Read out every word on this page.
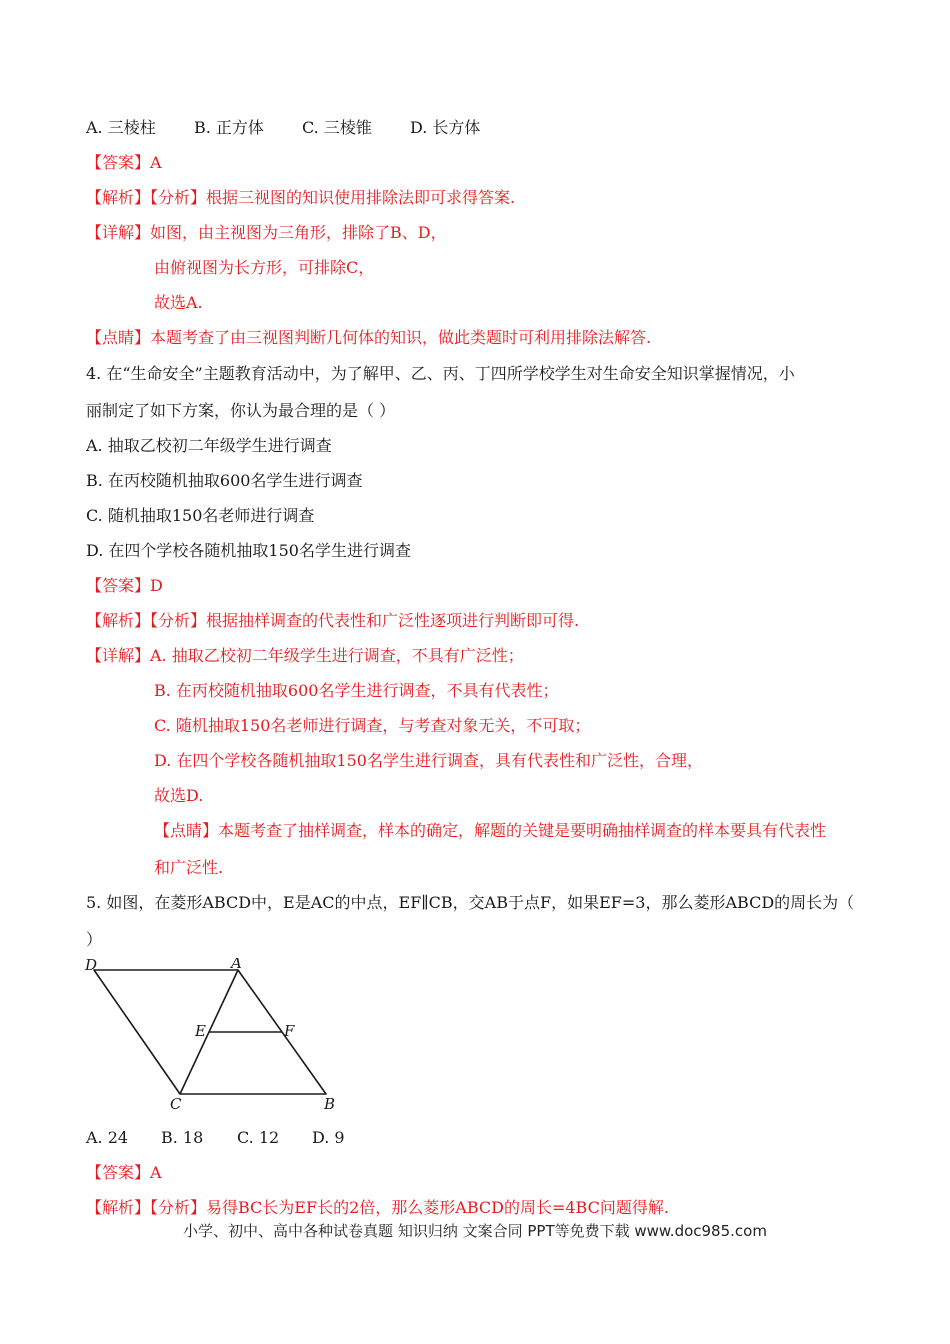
A. 三棱柱 B. 正方体 C. 三棱锥 D. 长方体
【答案】A
【解析】【分析】根据三视图的知识使用排除法即可求得答案.
【详解】如图，由主视图为三角形，排除了B、D，
由俯视图为长方形，可排除C，
故选A.
【点睛】本题考查了由三视图判断几何体的知识，做此类题时可利用排除法解答.
4. 在“生命安全”主题教育活动中，为了解甲、乙、丙、丁四所学校学生对生命安全知识掌握情况，小
丽制定了如下方案，你认为最合理的是（ ）
A. 抽取乙校初二年级学生进行调查
B. 在丙校随机抽取600名学生进行调查
C. 随机抽取150名老师进行调查
D. 在四个学校各随机抽取150名学生进行调查
【答案】D
【解析】【分析】根据抽样调查的代表性和广泛性逐项进行判断即可得.
【详解】A. 抽取乙校初二年级学生进行调查，不具有广泛性；
B. 在丙校随机抽取600名学生进行调查，不具有代表性；
C. 随机抽取150名老师进行调查，与考查对象无关，不可取；
D. 在四个学校各随机抽取150名学生进行调查，具有代表性和广泛性，合理，
故选D.
【点睛】本题考查了抽样调查，样本的确定，解题的关键是要明确抽样调查的样本要具有代表性
和广泛性.
5. 如图，在菱形ABCD中，E是AC的中点，EF∥CB，交AB于点F，如果EF=3，那么菱形ABCD的周长为（
）
D	A
E	F
C	B
A. 24 B. 18 C. 12 D. 9
【答案】A
【解析】【分析】易得BC长为EF长的2倍，那么菱形ABCD的周长=4BC问题得解.
小学、初中、高中各种试卷真题 知识归纳 文案合同 PPT等免费下载 www.doc985.com
